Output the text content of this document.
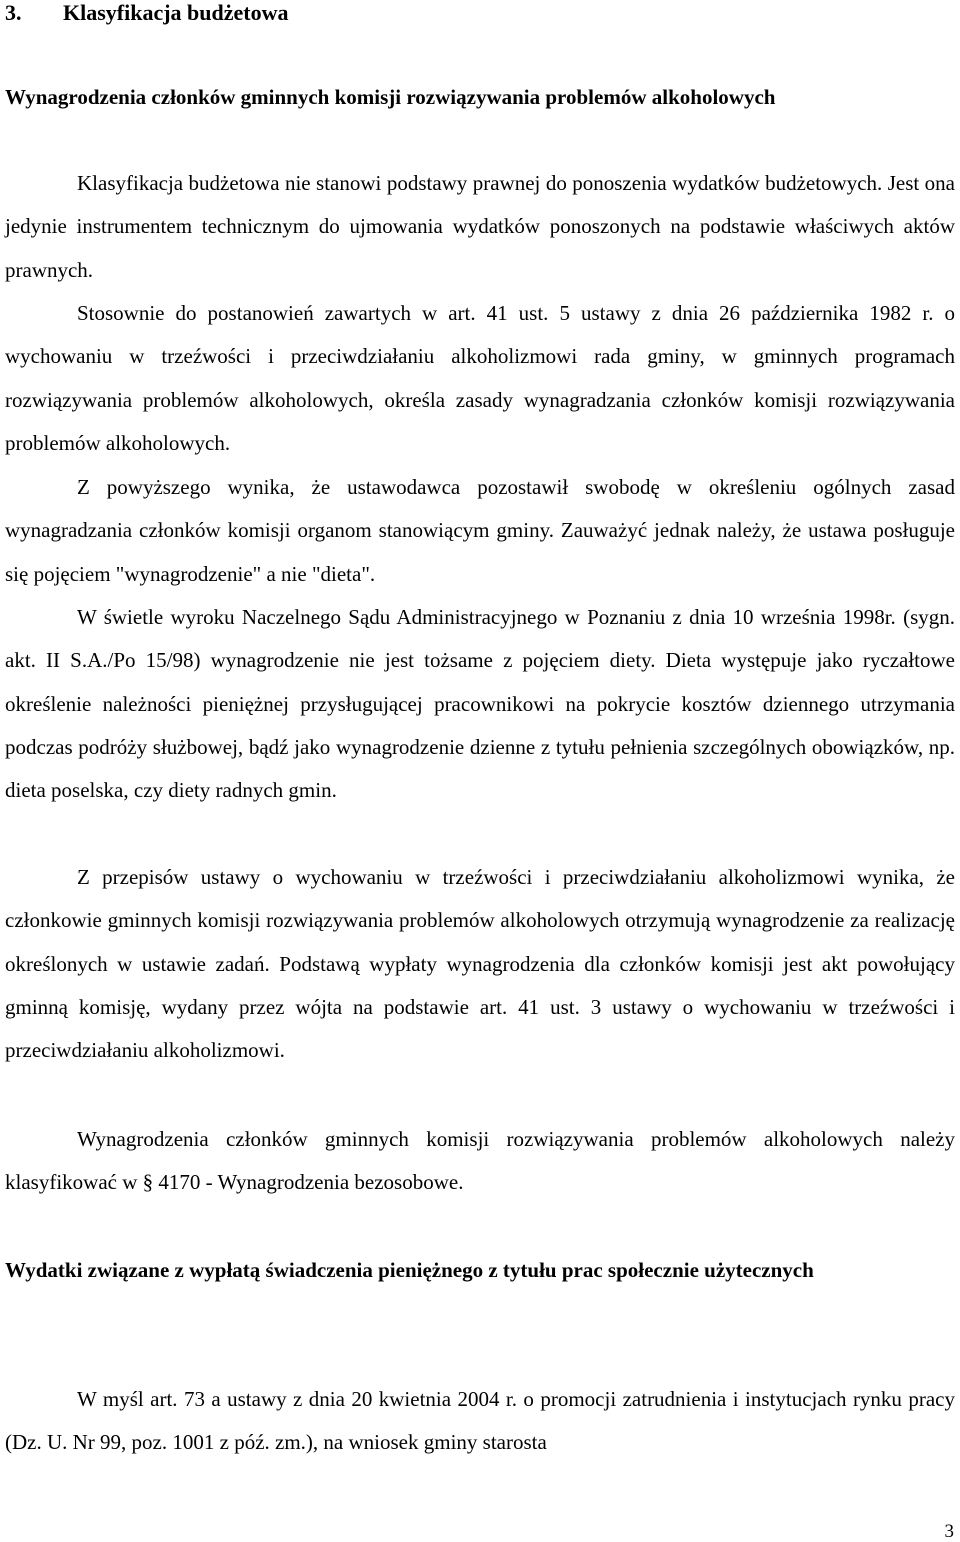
3. Klasyfikacja budżetowa
Wynagrodzenia członków gminnych komisji rozwiązywania problemów alkoholowych

Klasyfikacja budżetowa nie stanowi podstawy prawnej do ponoszenia wydatków budżetowych. Jest ona jedynie instrumentem technicznym do ujmowania wydatków ponoszonych na podstawie właściwych aktów prawnych.

Stosownie do postanowień zawartych w art. 41 ust. 5 ustawy z dnia 26 października 1982 r. o wychowaniu w trzeźwości i przeciwdziałaniu alkoholizmowi rada gminy, w gminnych programach rozwiązywania problemów alkoholowych, określa zasady wynagradzania członków komisji rozwiązywania problemów alkoholowych.

Z powyższego wynika, że ustawodawca pozostawił swobodę w określeniu ogólnych zasad wynagradzania członków komisji organom stanowiącym gminy. Zauważyć jednak należy, że ustawa posługuje się pojęciem "wynagrodzenie" a nie "dieta".

W świetle wyroku Naczelnego Sądu Administracyjnego w Poznaniu z dnia 10 września 1998r. (sygn. akt. II S.A./Po 15/98) wynagrodzenie nie jest tożsame z pojęciem diety. Dieta występuje jako ryczałtowe określenie należności pieniężnej przysługującej pracownikowi na pokrycie kosztów dziennego utrzymania podczas podróży służbowej, bądź jako wynagrodzenie dzienne z tytułu pełnienia szczególnych obowiązków, np. dieta poselska, czy diety radnych gmin.

Z przepisów ustawy o wychowaniu w trzeźwości i przeciwdziałaniu alkoholizmowi wynika, że członkowie gminnych komisji rozwiązywania problemów alkoholowych otrzymują wynagrodzenie za realizację określonych w ustawie zadań. Podstawą wypłaty wynagrodzenia dla członków komisji jest akt powołujący gminną komisję, wydany przez wójta na podstawie art. 41 ust. 3 ustawy o wychowaniu w trzeźwości i przeciwdziałaniu alkoholizmowi.

Wynagrodzenia członków gminnych komisji rozwiązywania problemów alkoholowych należy klasyfikować w § 4170 - Wynagrodzenia bezosobowe.

Wydatki związane z wypłatą świadczenia pieniężnego z tytułu prac społecznie użytecznych

W myśl art. 73 a ustawy z dnia 20 kwietnia 2004 r. o promocji zatrudnienia i instytucjach rynku pracy (Dz. U. Nr 99, poz. 1001 z póź. zm.), na wniosek gminy starosta

3
